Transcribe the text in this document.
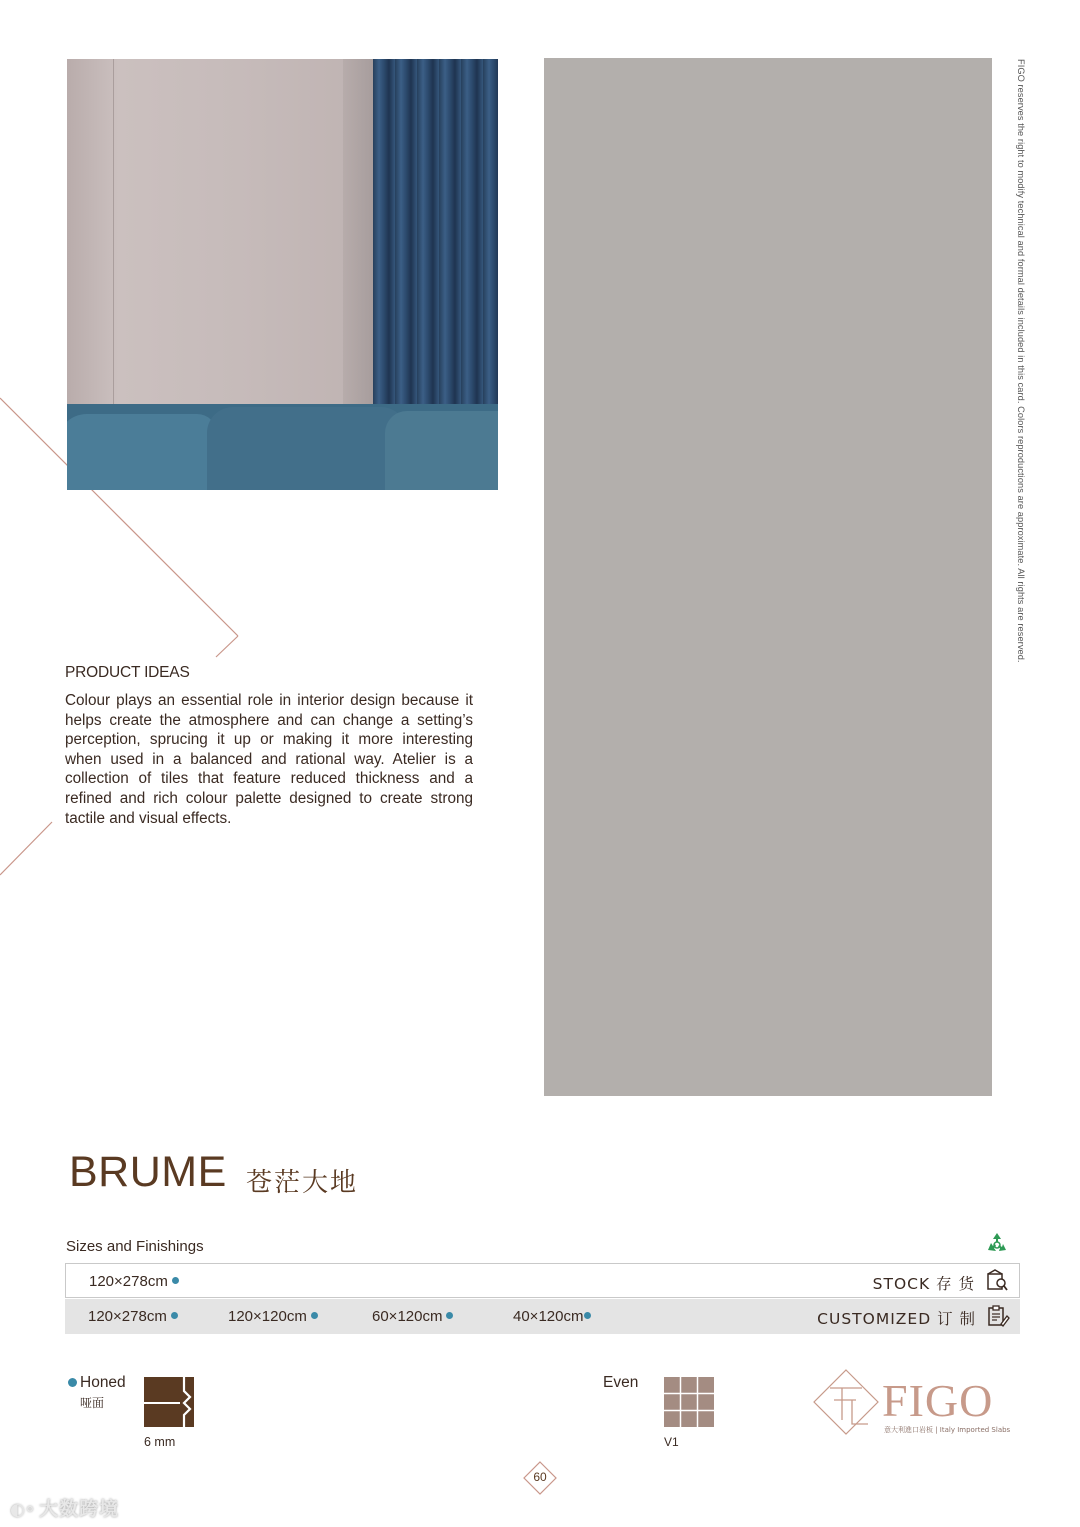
FIGO reserves the right to modify technical and formal details included in this card. Colors reproductions are approximate. All rights are reserved.
PRODUCT IDEAS
Colour plays an essential role in interior design because it helps create the atmosphere and can change a setting’s perception, sprucing it up or making it more interesting when used in a balanced and rational way. Atelier is a collection of tiles that feature reduced thickness and a refined and rich colour palette designed to create strong tactile and visual effects.
BRUME 苍茫大地
Sizes and Finishings
120×278cm	STOCK 存 货
120×278cm	120×120cm	60×120cm	40×120cm	CUSTOMIZED 订 制
Honed
哑面
6 mm
Even
V1
FIGO
意大利進口岩板 | Italy Imported Slabs
60
◐⚬ 大数跨境
